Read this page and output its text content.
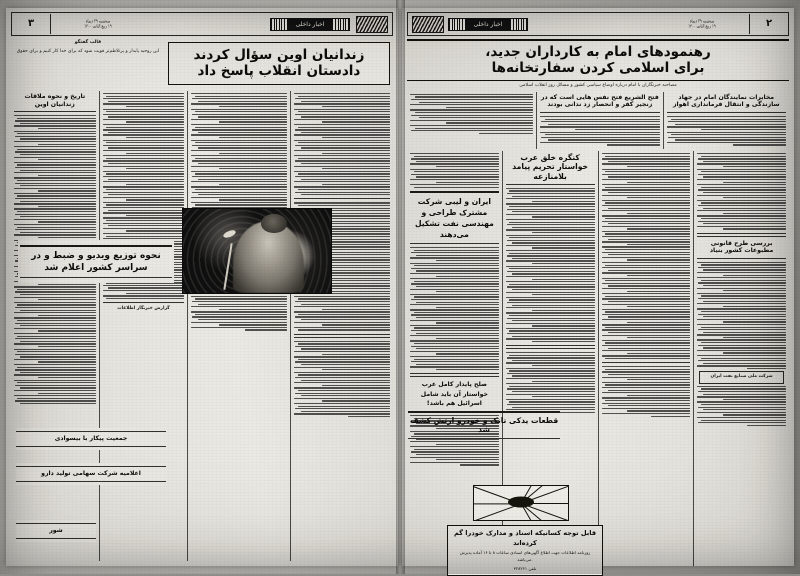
۲
سه‌شنبه ۲۹ دیماه
۱۹ ربیع الثانی ۱۴۰۰
اخبار داخلی
رهنمودهای امام به کارداران جدید،
برای اسلامی کردن سفارتخانه‌ها
مصاحبه خبرنگاران با امام درباره اوضاع سیاسی کشور و مسائل روز انقلاب اسلامی
مخابرات نمایندگان امام در جهاد سازندگی و انتقال فرمانداری اهواز
فتح الشریع فتح نفس هایی است که در زنجیر کفر و انحصار زد ندانی بودند
بررسی طرح قانونی مطبوعات کشور بنیاد
شرکت ملی صنایع نفت ایران
کنگره خلق عرب خواستار تحریم پیامد بلامنازعه
ایران و لیبی شرکت مشترک طراحی و مهندسی نفت تشکیل می‌دهند
صلح پایدار کامل عرب خواستار آن باید شامل اسرائیل هم باشد!
قطعات یدکی تانک و خودرو ارتش کشف شد
۳	سه‌شنبه ۲۹ دیماه
۱۹ ربیع الثانی ۱۴۰۰	اخبار داخلی
زندانیان اوین سؤال کردند
دادستان انقلاب پاسخ داد
قالب گفتگو
این روحیه پایدار و پرتلاطم‌تر قویت شود که برای خدا کار کنیم و برای حقوق
گزارش خبرنگار اطلاعات
تاریخ و نحوه ملاقات زندانیان اوین
نحوه توزیع ویدیو و ضبط و در سراسر کشور اعلام شد
جمعیت پیکار با بیسوادی
اعلامیه شرکت سهامی تولید دارو
شور	قابل توجه کسانیکه اسناد و مدارک خودرا گم کرده‌اند
روزنامه اطلاعات جهت اطلاع آگهی‌های اسنادی ساعات ۸ تا ۱۶ آماده پذیرش می‌باشد.
تلفن ۳۲۸۲۶۱
